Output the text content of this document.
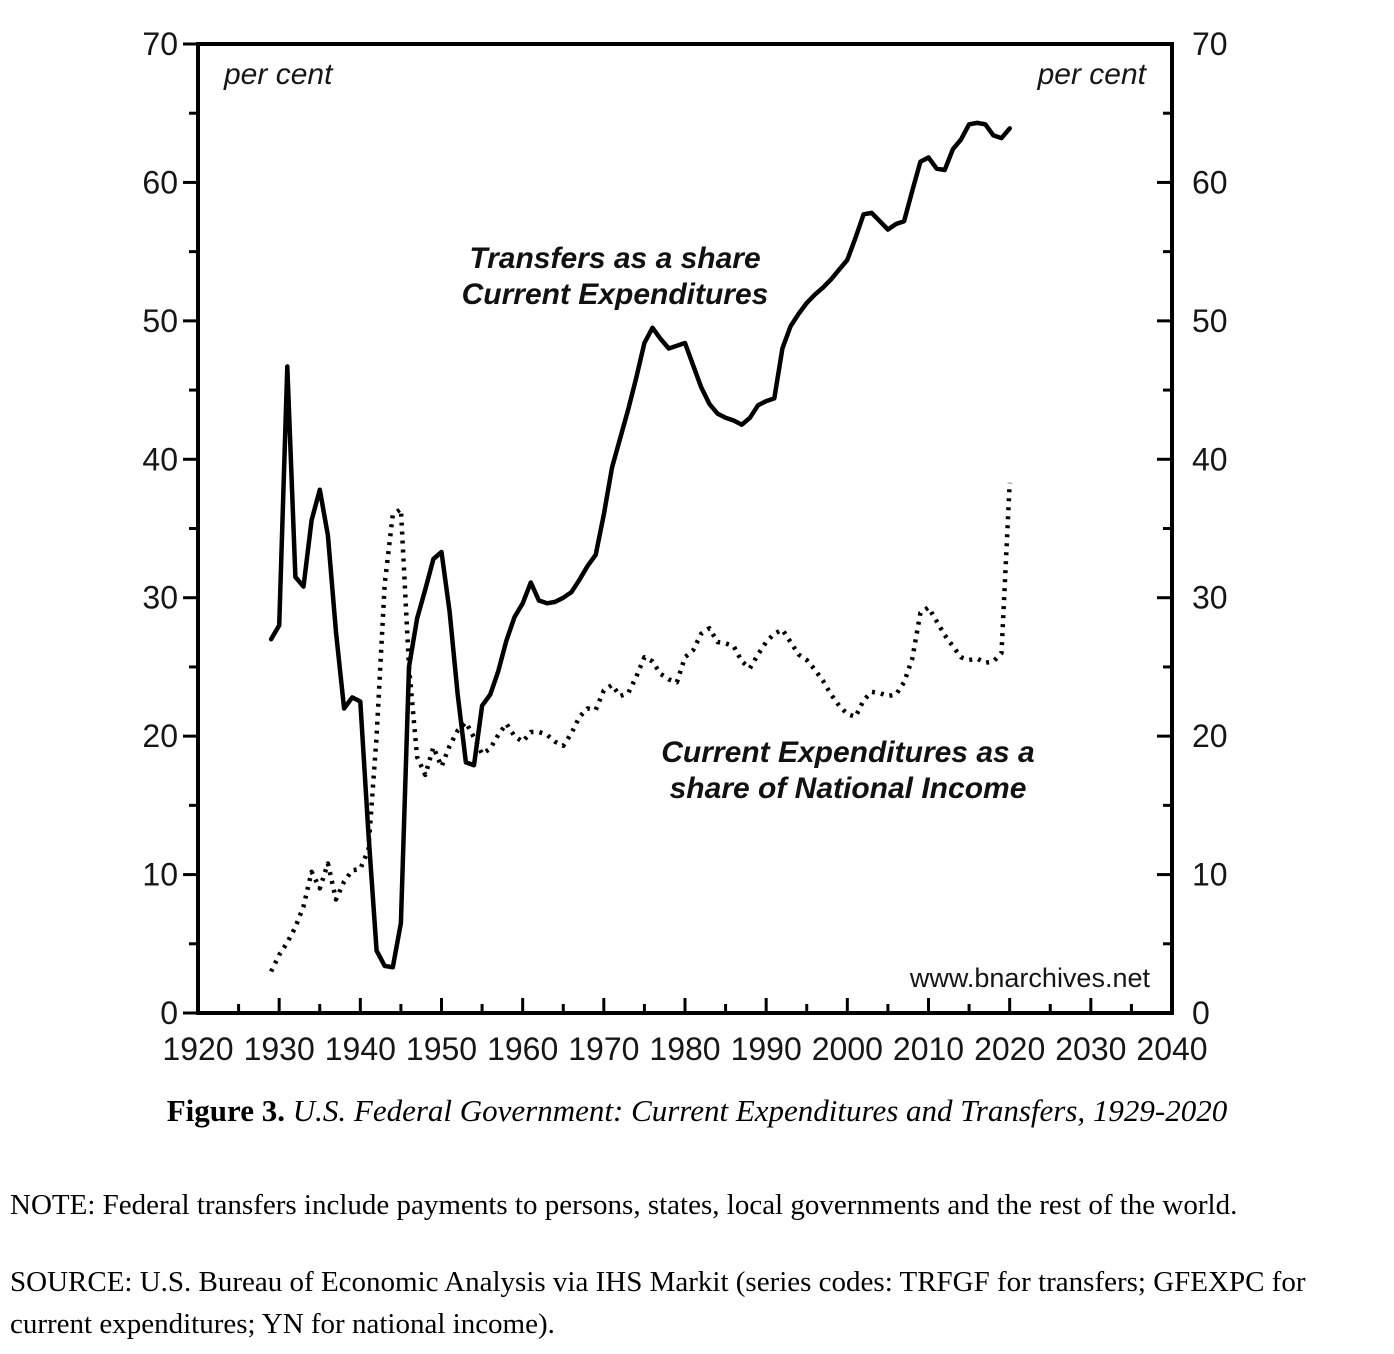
0	0
10	10
20	20
30	30
40	40
50	50
60	60
70	70
1920 1930 1940 1950 1960 1970 1980 1990 2000 2010 2020 2030 2040
per cent	per cent
Transfers as a share Current Expenditures
Current Expenditures as a share of National Income
www.bnarchives.net
Figure 3. U.S. Federal Government: Current Expenditures and Transfers, 1929-2020
NOTE: Federal transfers include payments to persons, states, local governments and the rest of the world.
SOURCE: U.S. Bureau of Economic Analysis via IHS Markit (series codes: TRFGF for transfers; GFEXPC for current expenditures; YN for national income).
